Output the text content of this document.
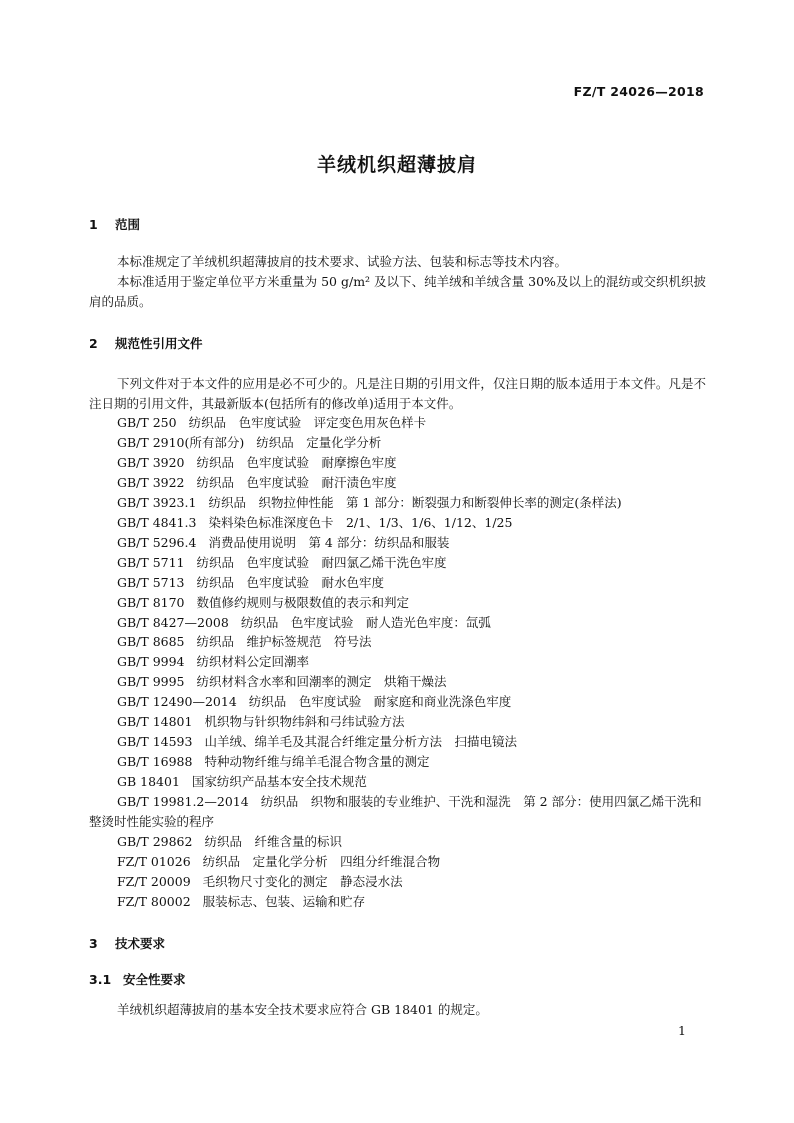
FZ/T 24026—2018
羊绒机织超薄披肩
1 范围

本标准规定了羊绒机织超薄披肩的技术要求、试验方法、包装和标志等技术内容。

本标准适用于鉴定单位平方米重量为 50 g/m² 及以下、纯羊绒和羊绒含量 30%及以上的混纺或交织机织披肩的品质。

2 规范性引用文件

下列文件对于本文件的应用是必不可少的。凡是注日期的引用文件，仅注日期的版本适用于本文件。凡是不注日期的引用文件，其最新版本(包括所有的修改单)适用于本文件。

GB/T 250 纺织品　色牢度试验　评定变色用灰色样卡
GB/T 2910(所有部分) 纺织品　定量化学分析
GB/T 3920 纺织品　色牢度试验　耐摩擦色牢度
GB/T 3922 纺织品　色牢度试验　耐汗渍色牢度
GB/T 3923.1 纺织品　织物拉伸性能　第 1 部分：断裂强力和断裂伸长率的测定(条样法)
GB/T 4841.3 染料染色标准深度色卡　2/1、1/3、1/6、1/12、1/25
GB/T 5296.4 消费品使用说明　第 4 部分：纺织品和服装
GB/T 5711 纺织品　色牢度试验　耐四氯乙烯干洗色牢度
GB/T 5713 纺织品　色牢度试验　耐水色牢度
GB/T 8170 数值修约规则与极限数值的表示和判定
GB/T 8427—2008 纺织品　色牢度试验　耐人造光色牢度：氙弧
GB/T 8685 纺织品　维护标签规范　符号法
GB/T 9994 纺织材料公定回潮率
GB/T 9995 纺织材料含水率和回潮率的测定　烘箱干燥法
GB/T 12490—2014 纺织品　色牢度试验　耐家庭和商业洗涤色牢度
GB/T 14801 机织物与针织物纬斜和弓纬试验方法
GB/T 14593 山羊绒、绵羊毛及其混合纤维定量分析方法　扫描电镜法
GB/T 16988 特种动物纤维与绵羊毛混合物含量的测定
GB 18401 国家纺织产品基本安全技术规范
GB/T 19981.2—2014 纺织品　织物和服装的专业维护、干洗和湿洗　第 2 部分：使用四氯乙烯干洗和整烫时性能实验的程序
GB/T 29862 纺织品　纤维含量的标识
FZ/T 01026 纺织品　定量化学分析　四组分纤维混合物
FZ/T 20009 毛织物尺寸变化的测定　静态浸水法
FZ/T 80002 服装标志、包装、运输和贮存
3 技术要求
3.1 安全性要求

羊绒机织超薄披肩的基本安全技术要求应符合 GB 18401 的规定。

1
